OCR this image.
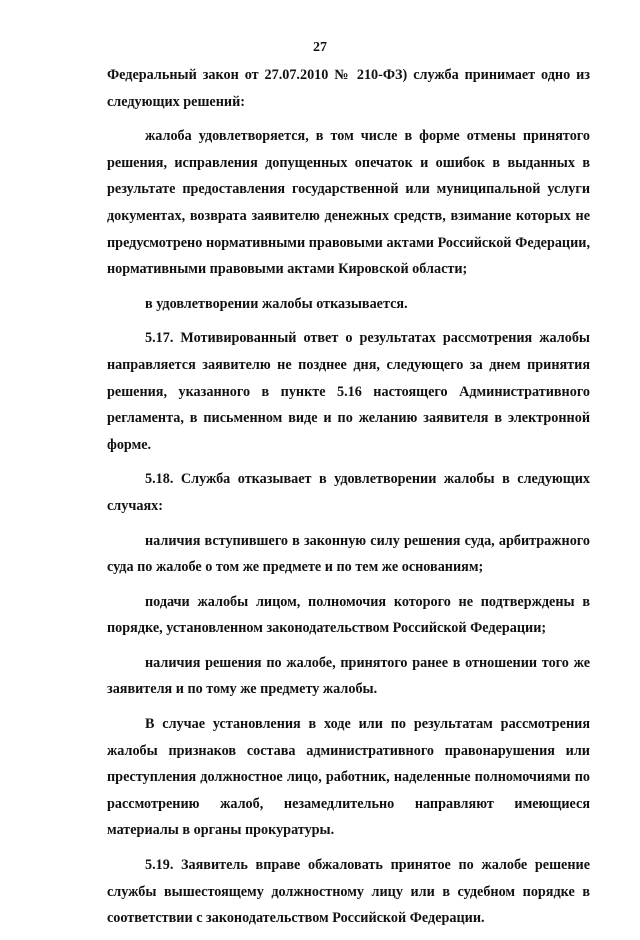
27

Федеральный закон от 27.07.2010 № 210-ФЗ) служба принимает одно из следующих решений:

жалоба удовлетворяется, в том числе в форме отмены принятого решения, исправления допущенных опечаток и ошибок в выданных в результате предоставления государственной или муниципальной услуги документах, возврата заявителю денежных средств, взимание которых не предусмотрено нормативными правовыми актами Российской Федерации, нормативными правовыми актами Кировской области;

в удовлетворении жалобы отказывается.

5.17. Мотивированный ответ о результатах рассмотрения жалобы направляется заявителю не позднее дня, следующего за днем принятия решения, указанного в пункте 5.16 настоящего Административного регламента, в письменном виде и по желанию заявителя в электронной форме.

5.18. Служба отказывает в удовлетворении жалобы в следующих случаях:

наличия вступившего в законную силу решения суда, арбитражного суда по жалобе о том же предмете и по тем же основаниям;

подачи жалобы лицом, полномочия которого не подтверждены в порядке, установленном законодательством Российской Федерации;

наличия решения по жалобе, принятого ранее в отношении того же заявителя и по тому же предмету жалобы.

В случае установления в ходе или по результатам рассмотрения жалобы признаков состава административного правонарушения или преступления должностное лицо, работник, наделенные полномочиями по рассмотрению жалоб, незамедлительно направляют имеющиеся материалы в органы прокуратуры.

5.19. Заявитель вправе обжаловать принятое по жалобе решение службы вышестоящему должностному лицу или в судебном порядке в соответствии с законодательством Российской Федерации.
